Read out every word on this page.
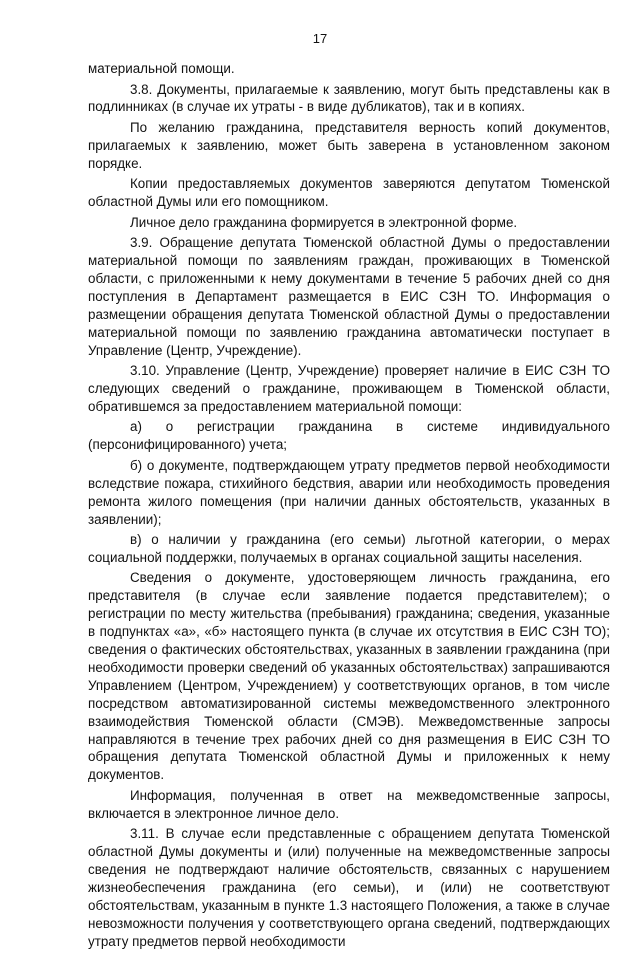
17

материальной помощи.

3.8. Документы, прилагаемые к заявлению, могут быть представлены как в подлинниках (в случае их утраты - в виде дубликатов), так и в копиях.

По желанию гражданина, представителя верность копий документов, прилагаемых к заявлению, может быть заверена в установленном законом порядке.

Копии предоставляемых документов заверяются депутатом Тюменской областной Думы или его помощником.

Личное дело гражданина формируется в электронной форме.

3.9. Обращение депутата Тюменской областной Думы о предоставлении материальной помощи по заявлениям граждан, проживающих в Тюменской области, с приложенными к нему документами в течение 5 рабочих дней со дня поступления в Департамент размещается в ЕИС СЗН ТО. Информация о размещении обращения депутата Тюменской областной Думы о предоставлении материальной помощи по заявлению гражданина автоматически поступает в Управление (Центр, Учреждение).

3.10. Управление (Центр, Учреждение) проверяет наличие в ЕИС СЗН ТО следующих сведений о гражданине, проживающем в Тюменской области, обратившемся за предоставлением материальной помощи:

а) о регистрации гражданина в системе индивидуального (персонифицированного) учета;

б) о документе, подтверждающем утрату предметов первой необходимости вследствие пожара, стихийного бедствия, аварии или необходимость проведения ремонта жилого помещения (при наличии данных обстоятельств, указанных в заявлении);

в) о наличии у гражданина (его семьи) льготной категории, о мерах социальной поддержки, получаемых в органах социальной защиты населения.

Сведения о документе, удостоверяющем личность гражданина, его представителя (в случае если заявление подается представителем); о регистрации по месту жительства (пребывания) гражданина; сведения, указанные в подпунктах «а», «б» настоящего пункта (в случае их отсутствия в ЕИС СЗН ТО); сведения о фактических обстоятельствах, указанных в заявлении гражданина (при необходимости проверки сведений об указанных обстоятельствах) запрашиваются Управлением (Центром, Учреждением) у соответствующих органов, в том числе посредством автоматизированной системы межведомственного электронного взаимодействия Тюменской области (СМЭВ). Межведомственные запросы направляются в течение трех рабочих дней со дня размещения в ЕИС СЗН ТО обращения депутата Тюменской областной Думы и приложенных к нему документов.

Информация, полученная в ответ на межведомственные запросы, включается в электронное личное дело.

3.11. В случае если представленные с обращением депутата Тюменской областной Думы документы и (или) полученные на межведомственные запросы сведения не подтверждают наличие обстоятельств, связанных с нарушением жизнеобеспечения гражданина (его семьи), и (или) не соответствуют обстоятельствам, указанным в пункте 1.3 настоящего Положения, а также в случае невозможности получения у соответствующего органа сведений, подтверждающих утрату предметов первой необходимости
